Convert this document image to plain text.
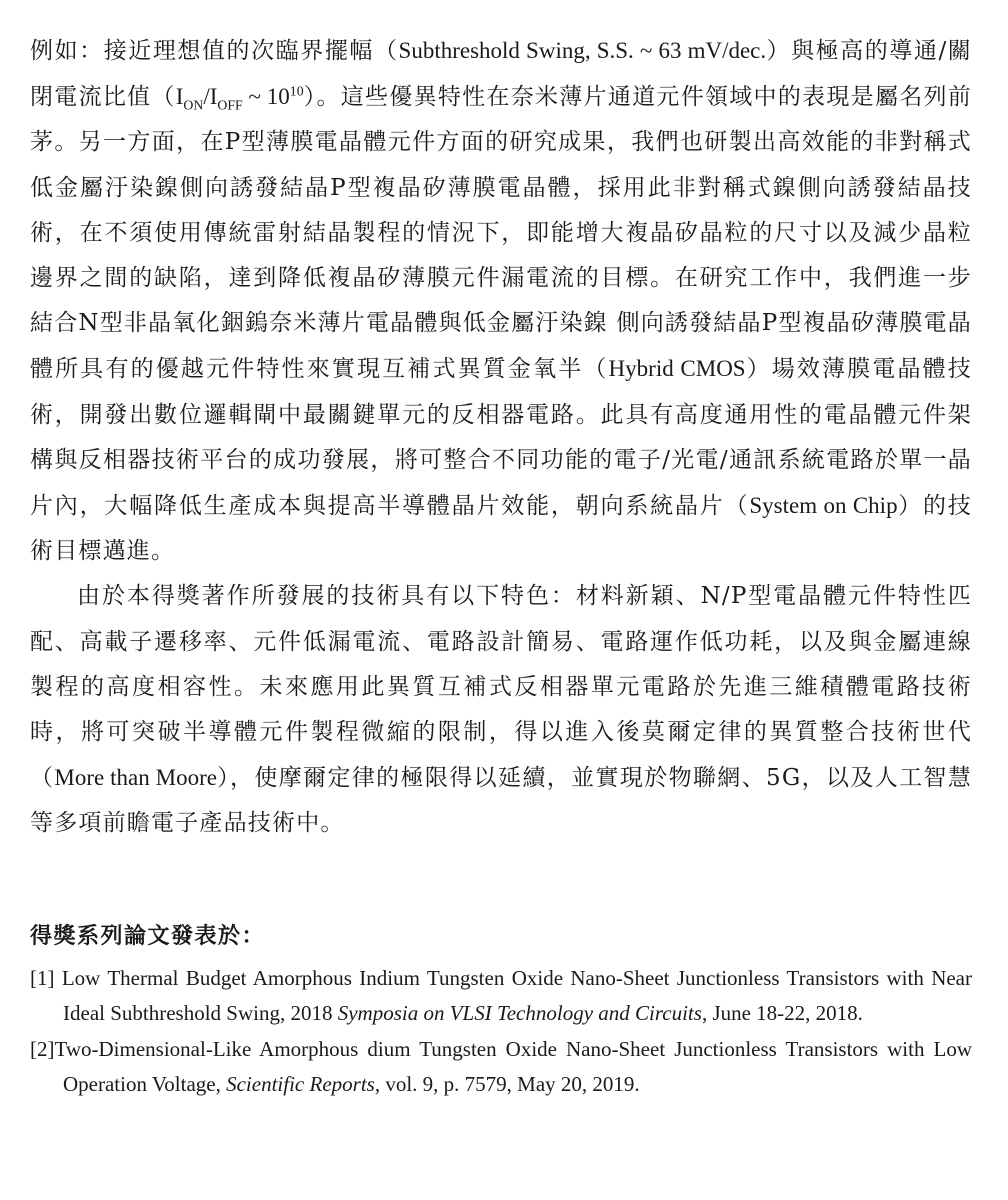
例如：接近理想值的次臨界擺幅（Subthreshold Swing, S.S. ~ 63 mV/dec.）與極高的導通/關閉電流比值（$I_{ON}/I_{OFF}$ ~ $10^{10}$）。這些優異特性在奈米薄片通道元件領域中的表現是屬名列前茅。另一方面，在P型薄膜電晶體元件方面的研究成果，我們也研製出高效能的非對稱式低金屬汙染鎳側向誘發結晶P型複晶矽薄膜電晶體，採用此非對稱式鎳側向誘發結晶技術，在不須使用傳統雷射結晶製程的情況下，即能增大複晶矽晶粒的尺寸以及減少晶粒邊界之間的缺陷，達到降低複晶矽薄膜元件漏電流的目標。在研究工作中，我們進一步結合N型非晶氧化銦鎢奈米薄片電晶體與低金屬汙染鎳 側向誘發結晶P型複晶矽薄膜電晶體所具有的優越元件特性來實現互補式異質金氧半（Hybrid CMOS）場效薄膜電晶體技術，開發出數位邏輯閘中最關鍵單元的反相器電路。此具有高度通用性的電晶體元件架構與反相器技術平台的成功發展，將可整合不同功能的電子/光電/通訊系統電路於單一晶片內，大幅降低生產成本與提高半導體晶片效能，朝向系統晶片（System on Chip）的技術目標邁進。

由於本得獎著作所發展的技術具有以下特色：材料新穎、N/P型電晶體元件特性匹配、高載子遷移率、元件低漏電流、電路設計簡易、電路運作低功耗，以及與金屬連線製程的高度相容性。未來應用此異質互補式反相器單元電路於先進三維積體電路技術時，將可突破半導體元件製程微縮的限制，得以進入後莫爾定律的異質整合技術世代（More than Moore），使摩爾定律的極限得以延續，並實現於物聯網、5G，以及人工智慧等多項前瞻電子產品技術中。

得獎系列論文發表於：
[1] Low Thermal Budget Amorphous Indium Tungsten Oxide Nano-Sheet Junctionless Transistors with Near Ideal Subthreshold Swing, 2018 Symposia on VLSI Technology and Circuits, June 18-22, 2018.
[2]Two-Dimensional-Like Amorphous dium Tungsten Oxide Nano-Sheet Junctionless Transistors with Low Operation Voltage, Scientific Reports, vol. 9, p. 7579, May 20, 2019.
